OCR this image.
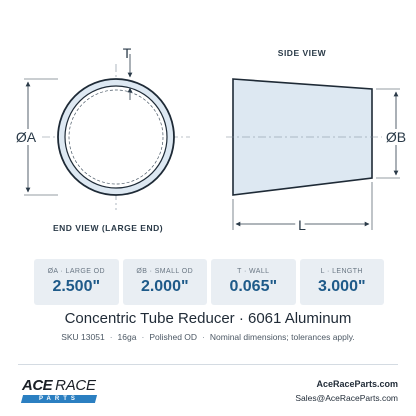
ØA
T
END VIEW (LARGE END)
SIDE VIEW
ØB
L
ØA · LARGE OD
2.500"
ØB · SMALL OD
2.000"
T · WALL
0.065"
L · LENGTH
3.000"
Concentric Tube Reducer · 6061 Aluminum
SKU 13051 · 16ga · Polished OD · Nominal dimensions; tolerances apply.
ACE RACE
PARTS
AceRaceParts.com
Sales@AceRaceParts.com
